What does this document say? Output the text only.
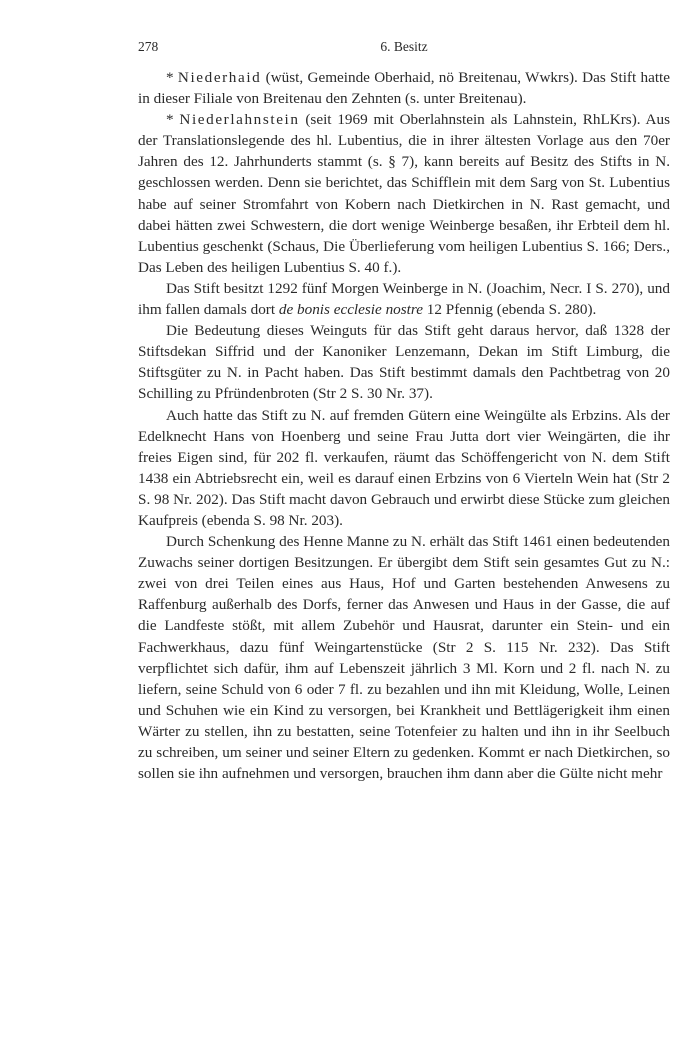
278	6. Besitz

* Niederhaid (wüst, Gemeinde Oberhaid, nö Breitenau, Wwkrs). Das Stift hatte in dieser Filiale von Breitenau den Zehnten (s. unter Breitenau).

* Niederlahnstein (seit 1969 mit Oberlahnstein als Lahnstein, RhLKrs). Aus der Translationslegende des hl. Lubentius, die in ihrer ältesten Vorlage aus den 70er Jahren des 12. Jahrhunderts stammt (s. § 7), kann bereits auf Besitz des Stifts in N. geschlossen werden. Denn sie berichtet, das Schifflein mit dem Sarg von St. Lubentius habe auf seiner Stromfahrt von Kobern nach Dietkirchen in N. Rast gemacht, und dabei hätten zwei Schwestern, die dort wenige Weinberge besaßen, ihr Erbteil dem hl. Lubentius geschenkt (Schaus, Die Überlieferung vom heiligen Lubentius S. 166; Ders., Das Leben des heiligen Lubentius S. 40 f.).

Das Stift besitzt 1292 fünf Morgen Weinberge in N. (Joachim, Necr. I S. 270), und ihm fallen damals dort de bonis ecclesie nostre 12 Pfennig (ebenda S. 280).

Die Bedeutung dieses Weinguts für das Stift geht daraus hervor, daß 1328 der Stiftsdekan Siffrid und der Kanoniker Lenzemann, Dekan im Stift Limburg, die Stiftsgüter zu N. in Pacht haben. Das Stift bestimmt damals den Pachtbetrag von 20 Schilling zu Pfründenbroten (Str 2 S. 30 Nr. 37).

Auch hatte das Stift zu N. auf fremden Gütern eine Weingülte als Erbzins. Als der Edelknecht Hans von Hoenberg und seine Frau Jutta dort vier Weingärten, die ihr freies Eigen sind, für 202 fl. verkaufen, räumt das Schöffengericht von N. dem Stift 1438 ein Abtriebsrecht ein, weil es darauf einen Erbzins von 6 Vierteln Wein hat (Str 2 S. 98 Nr. 202). Das Stift macht davon Gebrauch und erwirbt diese Stücke zum gleichen Kaufpreis (ebenda S. 98 Nr. 203).

Durch Schenkung des Henne Manne zu N. erhält das Stift 1461 einen bedeutenden Zuwachs seiner dortigen Besitzungen. Er übergibt dem Stift sein gesamtes Gut zu N.: zwei von drei Teilen eines aus Haus, Hof und Garten bestehenden Anwesens zu Raffenburg außerhalb des Dorfs, ferner das Anwesen und Haus in der Gasse, die auf die Landfeste stößt, mit allem Zubehör und Hausrat, darunter ein Stein- und ein Fachwerkhaus, dazu fünf Weingartenstücke (Str 2 S. 115 Nr. 232). Das Stift verpflichtet sich dafür, ihm auf Lebenszeit jährlich 3 Ml. Korn und 2 fl. nach N. zu liefern, seine Schuld von 6 oder 7 fl. zu bezahlen und ihn mit Kleidung, Wolle, Leinen und Schuhen wie ein Kind zu versorgen, bei Krankheit und Bettlägerigkeit ihm einen Wärter zu stellen, ihn zu bestatten, seine Totenfeier zu halten und ihn in ihr Seelbuch zu schreiben, um seiner und seiner Eltern zu gedenken. Kommt er nach Dietkirchen, so sollen sie ihn aufnehmen und versorgen, brauchen ihm dann aber die Gülte nicht mehr
